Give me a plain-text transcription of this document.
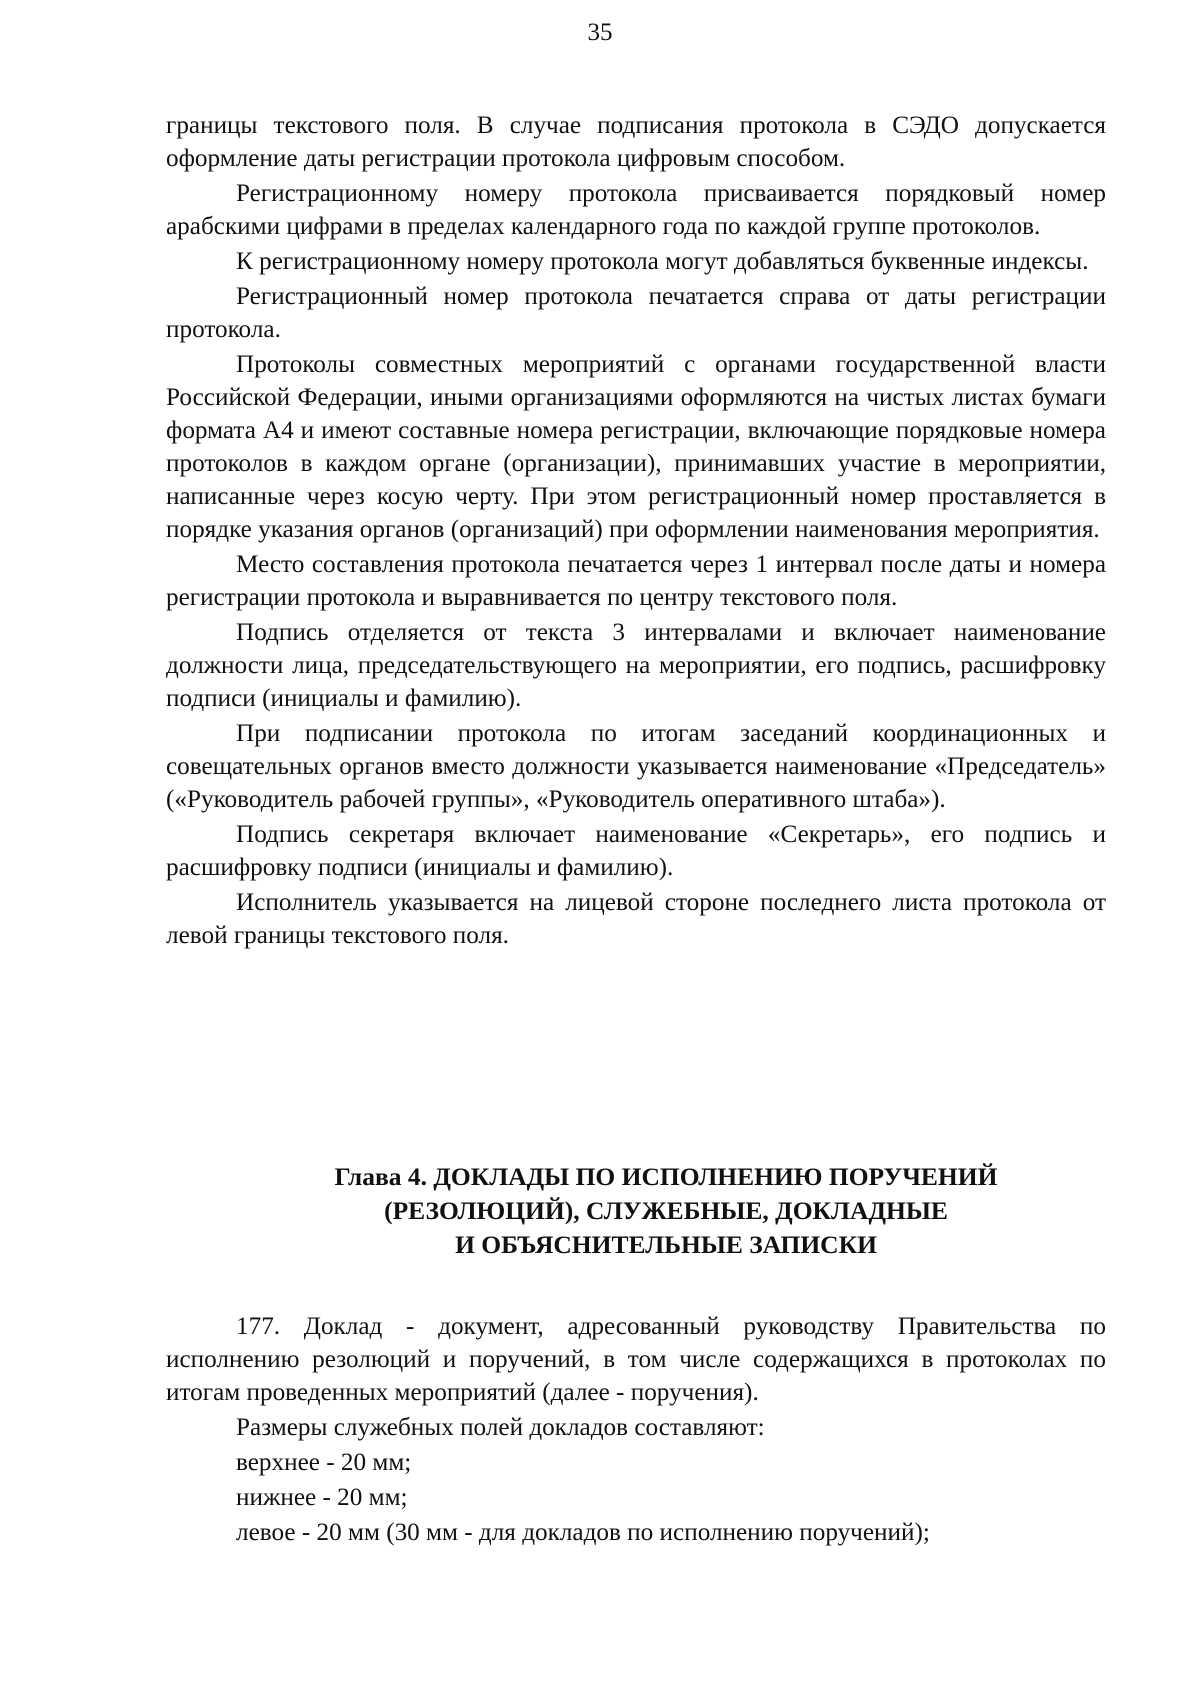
35

границы текстового поля. В случае подписания протокола в СЭДО допускается оформление даты регистрации протокола цифровым способом.

Регистрационному номеру протокола присваивается порядковый номер арабскими цифрами в пределах календарного года по каждой группе протоколов.

К регистрационному номеру протокола могут добавляться буквенные индексы.

Регистрационный номер протокола печатается справа от даты регистрации протокола.

Протоколы совместных мероприятий с органами государственной власти Российской Федерации, иными организациями оформляются на чистых листах бумаги формата А4 и имеют составные номера регистрации, включающие порядковые номера протоколов в каждом органе (организации), принимавших участие в мероприятии, написанные через косую черту. При этом регистрационный номер проставляется в порядке указания органов (организаций) при оформлении наименования мероприятия.

Место составления протокола печатается через 1 интервал после даты и номера регистрации протокола и выравнивается по центру текстового поля.

Подпись отделяется от текста 3 интервалами и включает наименование должности лица, председательствующего на мероприятии, его подпись, расшифровку подписи (инициалы и фамилию).

При подписании протокола по итогам заседаний координационных и совещательных органов вместо должности указывается наименование «Председатель» («Руководитель рабочей группы», «Руководитель оперативного штаба»).

Подпись секретаря включает наименование «Секретарь», его подпись и расшифровку подписи (инициалы и фамилию).

Исполнитель указывается на лицевой стороне последнего листа протокола от левой границы текстового поля.

Глава 4. ДОКЛАДЫ ПО ИСПОЛНЕНИЮ ПОРУЧЕНИЙ
(РЕЗОЛЮЦИЙ), СЛУЖЕБНЫЕ, ДОКЛАДНЫЕ
И ОБЪЯСНИТЕЛЬНЫЕ ЗАПИСКИ

177. Доклад - документ, адресованный руководству Правительства по исполнению резолюций и поручений, в том числе содержащихся в протоколах по итогам проведенных мероприятий (далее - поручения).

Размеры служебных полей докладов составляют:

верхнее - 20 мм;

нижнее - 20 мм;

левое - 20 мм (30 мм - для докладов по исполнению поручений);
